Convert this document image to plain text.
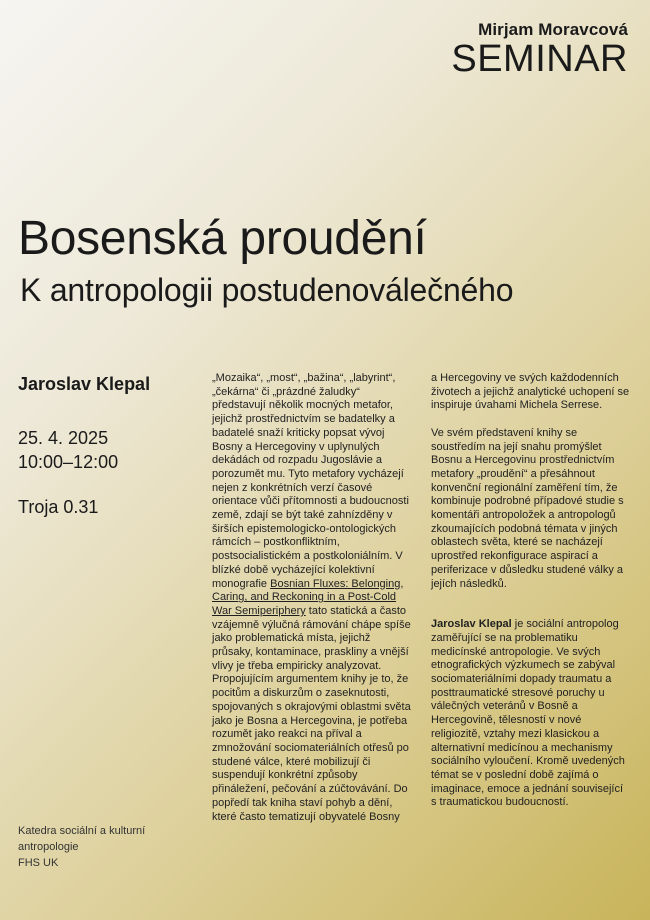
Mirjam Moravcová
SEMINAR
Bosenská proudění
K antropologii postudenoválečného
Jaroslav Klepal
25. 4. 2025
10:00–12:00
Troja 0.31
Katedra sociální a kulturní
antropologie
FHS UK

„Mozaika“, „most“, „bažina“, „labyrint“, „čekárna“ či „prázdné žaludky“ představují několik mocných metafor, jejichž prostřednictvím se badatelky a badatelé snaží kriticky popsat vývoj Bosny a Hercegoviny v uplynulých dekádách od rozpadu Jugoslávie a porozumět mu. Tyto metafory vycházejí nejen z konkrétních verzí časové orientace vůči přítomnosti a budoucnosti země, zdají se být také zahnízděny v širších epistemologicko-ontologických rámcích – postkonfliktním, postsocialistickém a postkoloniálním. V blízké době vycházející kolektivní monografie Bosnian Fluxes: Belonging, Caring, and Reckoning in a Post-Cold War Semiperiphery tato statická a často vzájemně výlučná rámování chápe spíše jako problematická místa, jejichž průsaky, kontaminace, praskliny a vnější vlivy je třeba empiricky analyzovat. Propojujícím argumentem knihy je to, že pocitům a diskurzům o zaseknutosti, spojovaných s okrajovými oblastmi světa jako je Bosna a Hercegovina, je potřeba rozumět jako reakci na příval a zmnožování sociomateriálních otřesů po studené válce, které mobilizují či suspendují konkrétní způsoby přináležení, pečování a zúčtovávání. Do popředí tak kniha staví pohyb a dění, které často tematizují obyvatelé Bosny

a Hercegoviny ve svých každodenních životech a jejichž analytické uchopení se inspiruje úvahami Michela Serrese.

Ve svém představení knihy se soustředím na její snahu promýšlet Bosnu a Hercegovinu prostřednictvím metafory „proudění“ a přesáhnout konvenční regionální zaměření tím, že kombinuje podrobné případové studie s komentáři antropoložek a antropologů zkoumajících podobná témata v jiných oblastech světa, které se nacházejí uprostřed rekonfigurace aspirací a periferizace v důsledku studené války a jejích následků.

Jaroslav Klepal je sociální antropolog zaměřující se na problematiku medicínské antropologie. Ve svých etnografických výzkumech se zabýval sociomateriálními dopady traumatu a posttraumatické stresové poruchy u válečných veteránů v Bosně a Hercegovině, tělesností v nové religiozitě, vztahy mezi klasickou a alternativní medicínou a mechanismy sociálního vyloučení. Kromě uvedených témat se v poslední době zajímá o imaginace, emoce a jednání související s traumatickou budoucností.
